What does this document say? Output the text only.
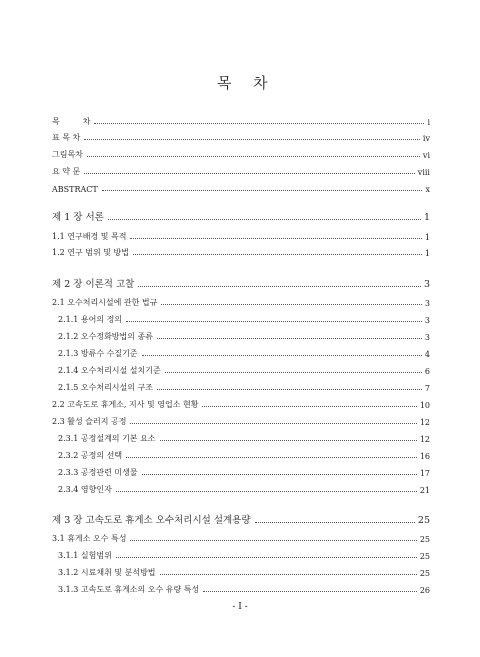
목 차
목         차	i
표 목 차	iv
그림목차	vi
요 약 문	viii
ABSTRACT	x
제 1 장 서론	1
1.1 연구배경 및 목적	1
1.2 연구 범위 및 방법	1
제 2 장 이론적 고찰	3
2.1 오수처리시설에 관한 법규	3
2.1.1 용어의 정의	3
2.1.2 오수정화방법의 종류	3
2.1.3 방류수 수질기준	4
2.1.4 오수처리시설 설치기준	6
2.1.5 오수처리시설의 구조	7
2.2 고속도로 휴게소, 지사 및 영업소 현황	10
2.3 활성 슬러지 공정	12
2.3.1 공정설계의 기본 요소	12
2.3.2 공정의 선택	16
2.3.3 공정관련 미생물	17
2.3.4 영향인자	21
제 3 장 고속도로 휴게소 오수처리시설 설계용량	25
3.1 휴게소 오수 특성	25
3.1.1 실험범위	25
3.1.2 시료채취 및 분석방법	25
3.1.3 고속도로 휴게소의 오수 유량 특성	26
- I -
